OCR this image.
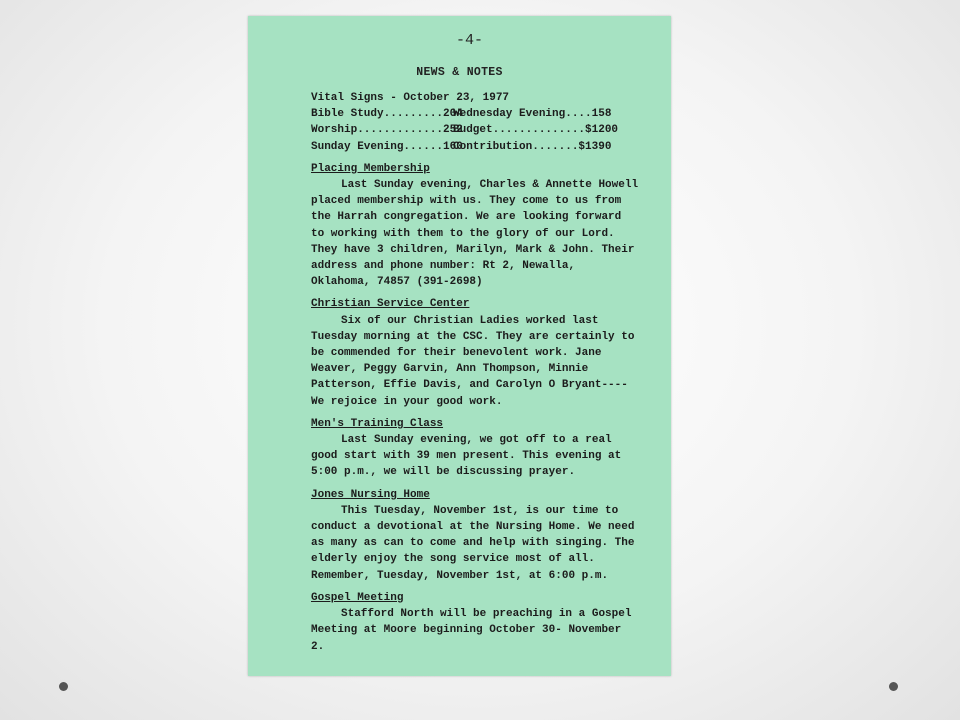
-4-
NEWS & NOTES
Vital Signs - October 23, 1977
Bible Study.........204
Wednesday Evening....158
Worship.............252
Budget..............$1200
Sunday Evening......160
Contribution.......$1390
Placing Membership
Last Sunday evening, Charles & Annette Howell placed membership with us. They come to us from the Harrah congregation. We are looking forward to working with them to the glory of our Lord. They have 3 children, Marilyn, Mark & John. Their address and phone number: Rt 2, Newalla, Oklahoma, 74857 (391-2698)
Christian Service Center
Six of our Christian Ladies worked last Tuesday morning at the CSC. They are certainly to be commended for their benevolent work. Jane Weaver, Peggy Garvin, Ann Thompson, Minnie Patterson, Effie Davis, and Carolyn O Bryant---- We rejoice in your good work.
Men's Training Class
Last Sunday evening, we got off to a real good start with 39 men present. This evening at 5:00 p.m., we will be discussing prayer.
Jones Nursing Home
This Tuesday, November 1st, is our time to conduct a devotional at the Nursing Home. We need as many as can to come and help with singing. The elderly enjoy the song service most of all. Remember, Tuesday, November 1st, at 6:00 p.m.
Gospel Meeting
Stafford North will be preaching in a Gospel Meeting at Moore beginning October 30- November 2.
